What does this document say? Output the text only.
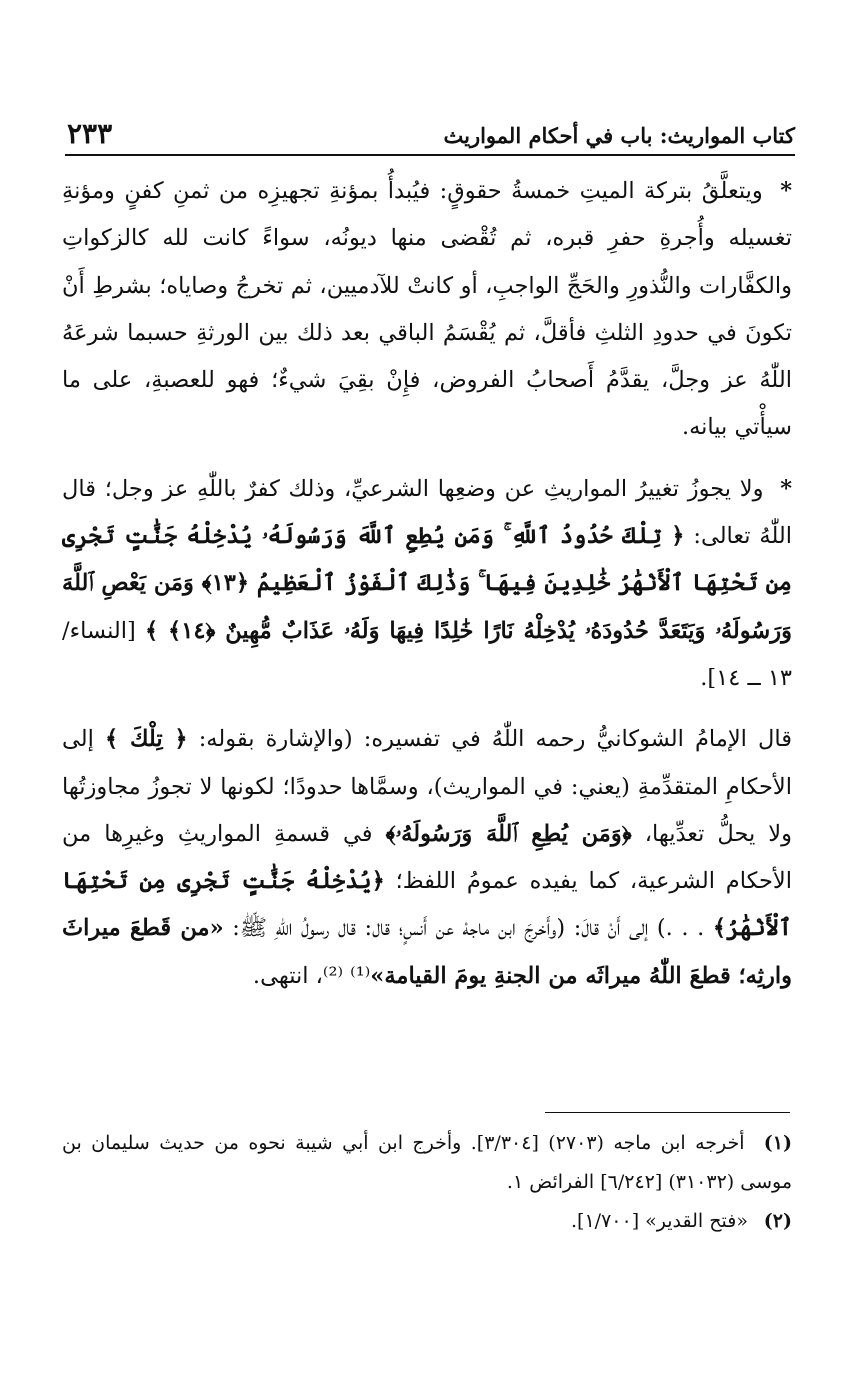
كتاب المواريث: باب في أحكام المواريث
٢٣٣

* ويتعلَّقُ بتركة الميتِ خمسةُ حقوقٍ: فيُبدأُ بمؤنةِ تجهيزِه من ثمنِ كفنٍ ومؤنةِ تغسيله وأُجرةِ حفرِ قبره، ثم تُقْضى منها ديونُه، سواءً كانت لله كالزكواتِ والكفَّارات والنُّذورِ والحَجِّ الواجبِ، أو كانتْ للآدميين، ثم تخرجُ وصاياه؛ بشرطِ أَنْ تكونَ في حدودِ الثلثِ فأقلَّ، ثم يُقْسَمُ الباقي بعد ذلك بين الورثةِ حسبما شرعَهُ اللّٰهُ عز وجلَّ، يقدَّمُ أَصحابُ الفروض، فإِنْ بقِيَ شيءٌ؛ فهو للعصبةِ، على ما سيأْتي بيانه.

* ولا يجوزُ تغييرُ المواريثِ عن وضعِها الشرعيِّ، وذلك كفرٌ باللّٰهِ عز وجل؛ قال اللّٰهُ تعالى: ﴿ تِلْكَ حُدُودُ ٱللَّهِ ۚ وَمَن يُطِعِ ٱللَّهَ وَرَسُولَهُۥ يُدْخِلْهُ جَنَّٰتٍ تَجْرِى مِن تَحْتِهَا ٱلْأَنْهَٰرُ خَٰلِدِينَ فِيهَا ۚ وَذَٰلِكَ ٱلْفَوْزُ ٱلْعَظِيمُ ﴿١٣﴾ وَمَن يَعْصِ ٱللَّهَ وَرَسُولَهُۥ وَيَتَعَدَّ حُدُودَهُۥ يُدْخِلْهُ نَارًا خَٰلِدًا فِيهَا وَلَهُۥ عَذَابٌ مُّهِينٌ ﴿١٤﴾ ﴾ [النساء/ ١٣ ــ ١٤].

قال الإمامُ الشوكانيُّ رحمه اللّٰهُ في تفسيره: (والإشارة بقوله: ﴿ تِلْكَ ﴾ إلى الأحكامِ المتقدِّمةِ (يعني: في المواريث)، وسمَّاها حدودًا؛ لكونها لا تجوزُ مجاوزتُها ولا يحلُّ تعدِّيها، ﴿وَمَن يُطِعِ ٱللَّهَ وَرَسُولَهُۥ﴾ في قسمةِ المواريثِ وغيرِها من الأحكام الشرعية، كما يفيده عمومُ اللفظ؛ ﴿يُدْخِلْهُ جَنَّٰتٍ تَجْرِى مِن تَحْتِهَا ٱلْأَنْهَٰرُ﴾ . . .) إلى أَنْ قالَ: (وأَخرجَ ابن ماجهْ عن أَنسٍ؛ قال: قال رسولُ اللّٰهِ ﷺ: «من قَطعَ ميراثَ وارثِه؛ قطعَ اللّٰهُ ميراثَه من الجنةِ يومَ القيامة»⁽¹⁾ ⁽²⁾، انتهى.

(١) أخرجه ابن ماجه (٢٧٠٣) [٣/٣٠٤]. وأخرج ابن أبي شيبة نحوه من حديث سليمان بن موسى (٣١٠٣٢) [٦/٢٤٢] الفرائض ١.

(٢) «فتح القدير» [١/٧٠٠].
